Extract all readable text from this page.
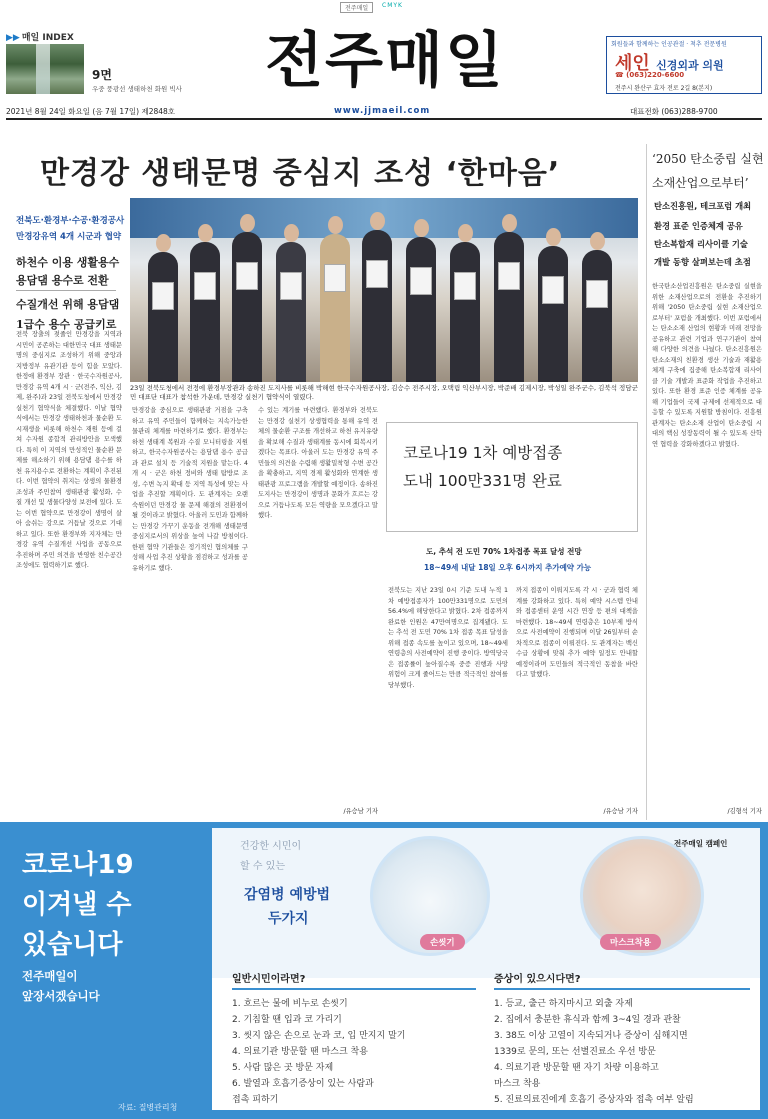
전주매일	CMYK
▶▶ 매일 INDEX
9면
우중 풍광선 생태하천 화원 빅사	전주매일	회원들과 함께하는 인공관절 · 척추 전문병원
세인 신경외과 의원
☎ (063)220-6600
전주시 완산구 효자 전로 2길 8(본지)
2021년 8월 24일 화요일 (음 7월 17일) 제2848호	www.jjmaeil.com	대표전화 (063)288-9700
만경강 생태문명 중심지 조성 ‘한마음’
전북도·환경부·수공·환경공사
만경강유역 4개 시군과 협약
하천수 이용 생활용수
용담댐 용수로 전환
수질개선 위해 용담댐
1급수 용수 공급키로
23일 전북도청에서 전정에 환경부장관과 송하진 도지사를 비롯해 박해현 한국수자원공사장, 김승수 전주시장, 오택림 익산부시장, 박준배 김제시장, 박성일 완주군수, 김북석 정담군민 대표단 대표가 참석한 가운데, 만경강 실천기 협약식이 열렸다.
전북 장출의 젖줄인 만경강을 지역과 시민이 공존하는 대한민국 대표 생태문명의 중심지로 조성하기 위해 중앙과 지방정부 유관기관 등이 힘을 모았다. 한정애 환경부 장관 · 한국수자원공사, 만경강 유역 4개 시 · 군(전주, 익산, 김제, 완주)과 23일 전북도청에서 만경강 실천기 협약식을 체결했다. 이날 협약식에서는 만경강 생태하천과 물순환 도시재생을 비롯해 하천수 재원 등에 걸쳐 수자원 종합적 관리방안을 모색했다. 특히 이 지역의 만성적인 물순환 문제를 해소하기 위해 용담댐 용수를 하천 유지용수로 전환하는 계획이 추진된다. 이번 협약의 취지는 상생의 물환경 조성과 주민참여 생태관광 활성화, 수질 개선 및 생물다양성 보전에 있다. 도는 이번 협약으로 만경강이 생명이 살아 숨쉬는 강으로 거듭날 것으로 기대하고 있다. 또한 환경부와 지자체는 만경강 유역 수질개선 사업을 공동으로 추진하며 주민 의견을 반영한 친수공간 조성에도 협력하기로 했다.
만경강을 중심으로 생태관광 거점을 구축하고 유역 주민들이 함께하는 지속가능한 물관리 체계를 마련하기로 했다. 환경부는 하천 생태계 복원과 수질 모니터링을 지원하고, 한국수자원공사는 용담댐 용수 공급과 관로 설치 등 기술적 지원을 맡는다. 4개 시 · 군은 하천 정비와 생태 탐방로 조성, 수변 녹지 확대 등 지역 특성에 맞는 사업을 추진할 계획이다. 도 관계자는 오랜 숙원이던 만경강 물 문제 해결의 전환점이 될 것이라고 밝혔다. 아울러 도민과 함께하는 만경강 가꾸기 운동을 전개해 생태문명 중심지로서의 위상을 높여 나갈 방침이다. 한편 협약 기관들은 정기적인 협의체를 구성해 사업 추진 상황을 점검하고 성과를 공유하기로 했다.
수 있는 계기를 마련했다. 환경부와 전북도는 만경강 실천기 상생협력을 통해 유역 전체의 물순환 구조를 개선하고 하천 유지유량을 확보해 수질과 생태계를 동시에 회복시키겠다는 목표다. 아울러 도는 만경강 유역 주민들의 의견을 수렴해 생활밀착형 수변 공간을 확충하고, 지역 경제 활성화와 연계한 생태관광 프로그램을 개발할 예정이다. 송하진 도지사는 만경강이 생명과 문화가 흐르는 강으로 거듭나도록 모든 역량을 모으겠다고 말했다.
/유승남 기자
코로나19 1차 예방접종
도내 100만331명 완료
도, 추석 전 도민 70% 1차접종 목표 달성 전망
18~49세 내달 18일 오후 6시까지 추가예약 가능
전북도는 지난 23일 0시 기준 도내 누적 1차 예방접종자가 100만331명으로 도민의 56.4%에 해당한다고 밝혔다. 2차 접종까지 완료한 인원은 47만여명으로 집계됐다. 도는 추석 전 도민 70% 1차 접종 목표 달성을 위해 접종 속도를 높이고 있으며, 18~49세 연령층의 사전예약이 진행 중이다. 방역당국은 접종률이 높아질수록 중증 진행과 사망 위험이 크게 줄어드는 만큼 적극적인 참여를 당부했다.
까지 접종이 이뤄지도록 각 시 · 군과 협력 체계를 강화하고 있다. 특히 예약 시스템 안내와 접종센터 운영 시간 연장 등 편의 대책을 마련했다. 18~49세 연령층은 10부제 방식으로 사전예약이 진행되며 이달 26일부터 순차적으로 접종이 이뤄진다. 도 관계자는 백신 수급 상황에 맞춰 추가 예약 일정도 안내할 예정이라며 도민들의 적극적인 동참을 바란다고 말했다.
/유승남 기자
‘2050 탄소중립 실현
소재산업으로부터’
탄소진흥원, 테크포럼 개최
환경 표준 인증체계 공유
탄소복합재 리사이클 기술
개발 동향 살펴보는데 초점
한국탄소산업진흥원은 탄소중립 실현을 위한 소재산업으로의 전환을 추진하기 위해 '2050 탄소중립 실현 소재산업으로부터' 포럼을 개최했다. 이번 포럼에서는 탄소소재 산업의 현황과 미래 전망을 공유하고 관련 기업과 연구기관이 참여해 다양한 의견을 나눴다. 탄소진흥원은 탄소소재의 친환경 생산 기술과 재활용 체계 구축에 집중해 탄소복합재 리사이클 기술 개발과 표준화 작업을 추진하고 있다. 또한 환경 표준 인증 체계를 공유해 기업들이 국제 규제에 선제적으로 대응할 수 있도록 지원할 방침이다. 진흥원 관계자는 탄소소재 산업이 탄소중립 시대의 핵심 성장동력이 될 수 있도록 산학연 협력을 강화하겠다고 밝혔다.
/김형석 기자
코로나19
이겨낼 수
있습니다
전주매일이
앞장서겠습니다
자료: 질병관리청
전주매일 캠페인
건강한 시민이
할 수 있는
감염병 예방법
두가지
손씻기	마스크착용
일반시민이라면?	증상이 있으시다면?
1. 흐르는 물에 비누로 손씻기
2. 기침할 땐 입과 코 가리기
3. 씻지 않은 손으로 눈과 코, 입 만지지 말기
4. 의료기관 방문할 땐 마스크 착용
5. 사람 많은 곳 방문 자제
6. 발열과 호흡기증상이 있는 사람과
접촉 피하기
1. 등교, 출근 하지마시고 외출 자제
2. 집에서 충분한 휴식과 함께 3~4일 경과 관찰
3. 38도 이상 고열이 지속되거나 증상이 심해지면
1339로 문의, 또는 선별진료소 우선 방문
4. 의료기관 방문할 땐 자기 차량 이용하고
마스크 착용
5. 진료의료진에게 호흡기 증상자와 접촉 여부 알림
